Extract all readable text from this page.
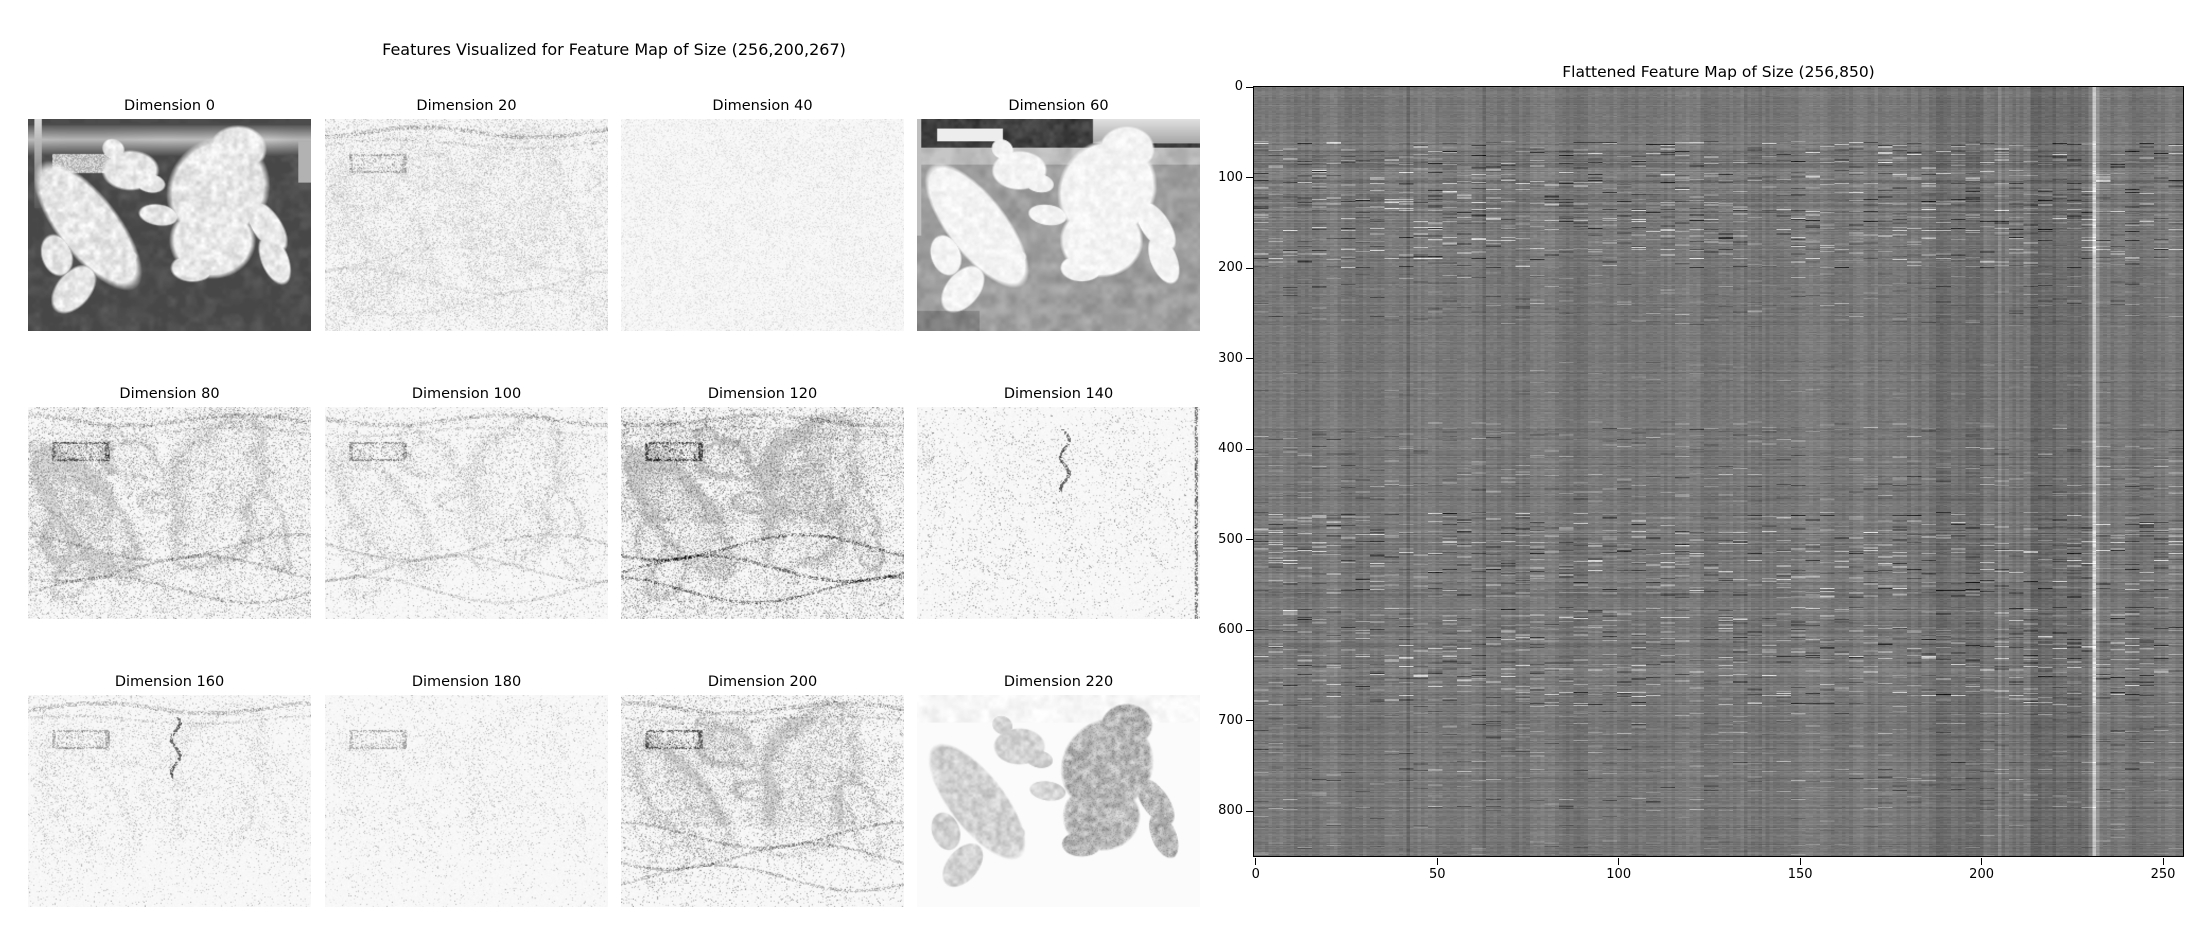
Features Visualized for Feature Map of Size (256,200,267)
Dimension 0	Dimension 20	Dimension 40	Dimension 60
Dimension 80	Dimension 100	Dimension 120	Dimension 140
Dimension 160	Dimension 180	Dimension 200	Dimension 220
Flattened Feature Map of Size (256,850)
0
100
200
300
400
500
600
700
800
0	50	100	150	200	250
